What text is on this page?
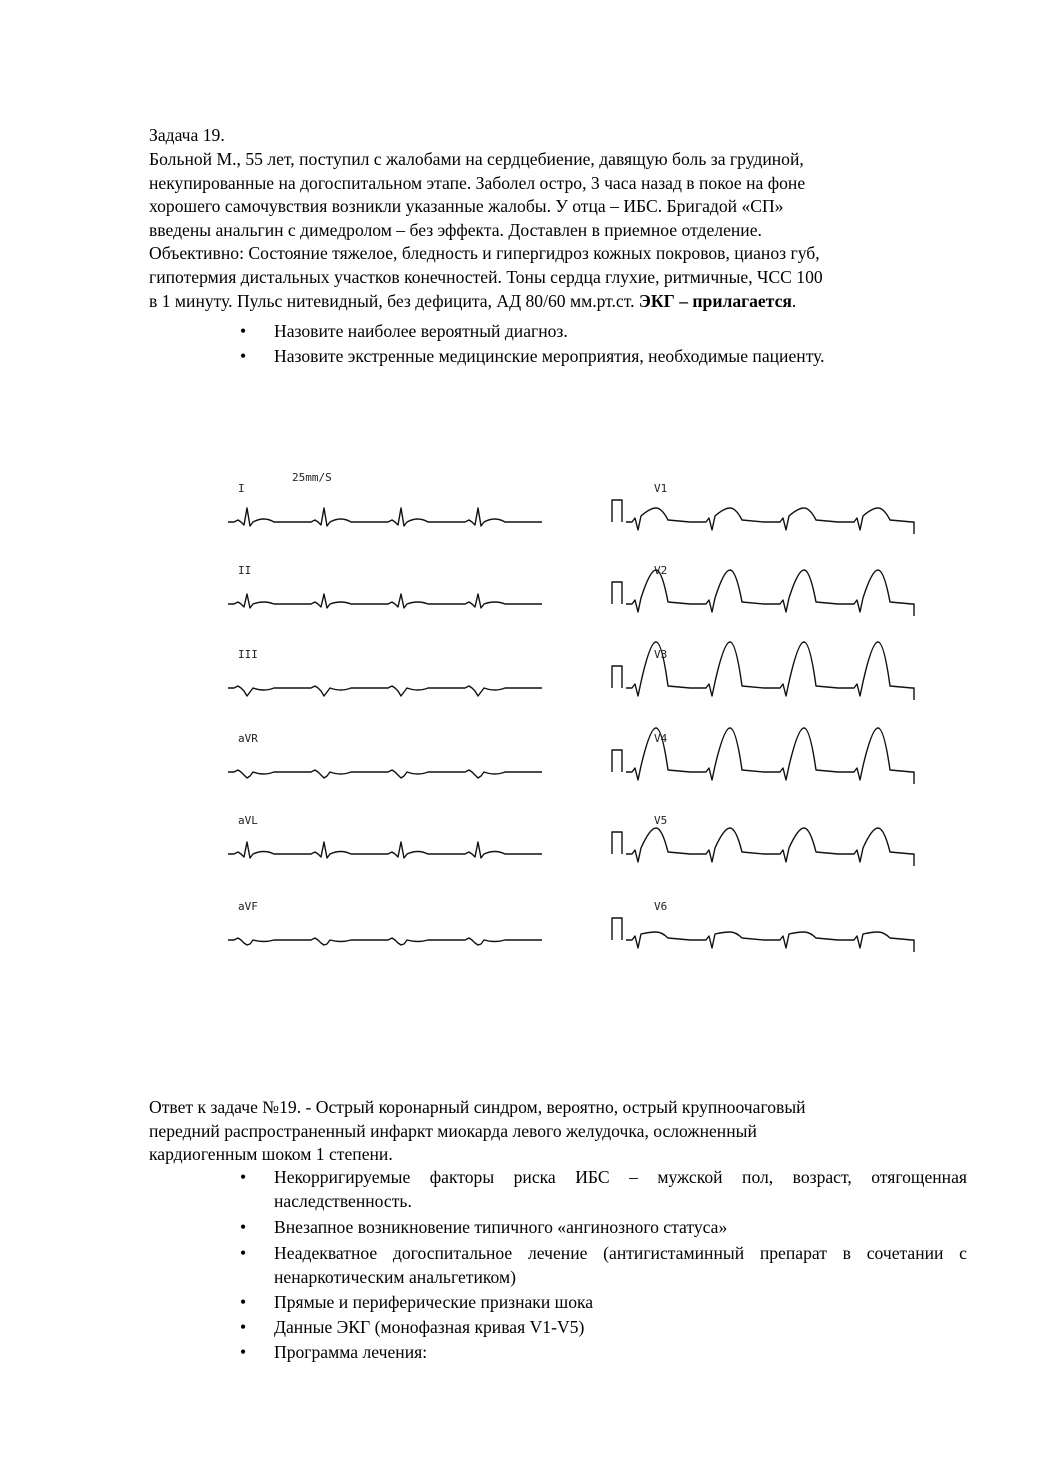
Задача 19.
Больной М., 55 лет, поступил с жалобами на сердцебиение, давящую боль за грудиной,
некупированные на догоспитальном этапе. Заболел остро, 3 часа назад в покое на фоне
хорошего самочувствия возникли указанные жалобы. У отца – ИБС. Бригадой «СП»
введены анальгин с димедролом – без эффекта. Доставлен в приемное отделение.
Объективно: Состояние тяжелое, бледность и гипергидроз кожных покровов, цианоз губ,
гипотермия дистальных участков конечностей. Тоны сердца глухие, ритмичные, ЧСС 100
в 1 минуту. Пульс нитевидный, без дефицита, АД 80/60 мм.рт.ст. ЭКГ – прилагается.
•	Назовите наиболее вероятный диагноз.
•	Назовите экстренные медицинские мероприятия, необходимые пациенту.
25mm/S
I	V1
II	V2
III	V3
aVR	V4
aVL	V5
aVF	V6
Ответ к задаче №19. - Острый коронарный синдром, вероятно, острый крупноочаговый
передний распространенный инфаркт миокарда левого желудочка, осложненный
кардиогенным шоком 1 степени.
•	Некорригируемые факторы риска ИБС – мужской пол, возраст, отягощенная наследственность.
•	Внезапное возникновение типичного «ангинозного статуса»
•	Неадекватное догоспитальное лечение (антигистаминный препарат в сочетании с ненаркотическим анальгетиком)
•	Прямые и периферические признаки шока
•	Данные ЭКГ (монофазная кривая V1-V5)
•	Программа лечения:
